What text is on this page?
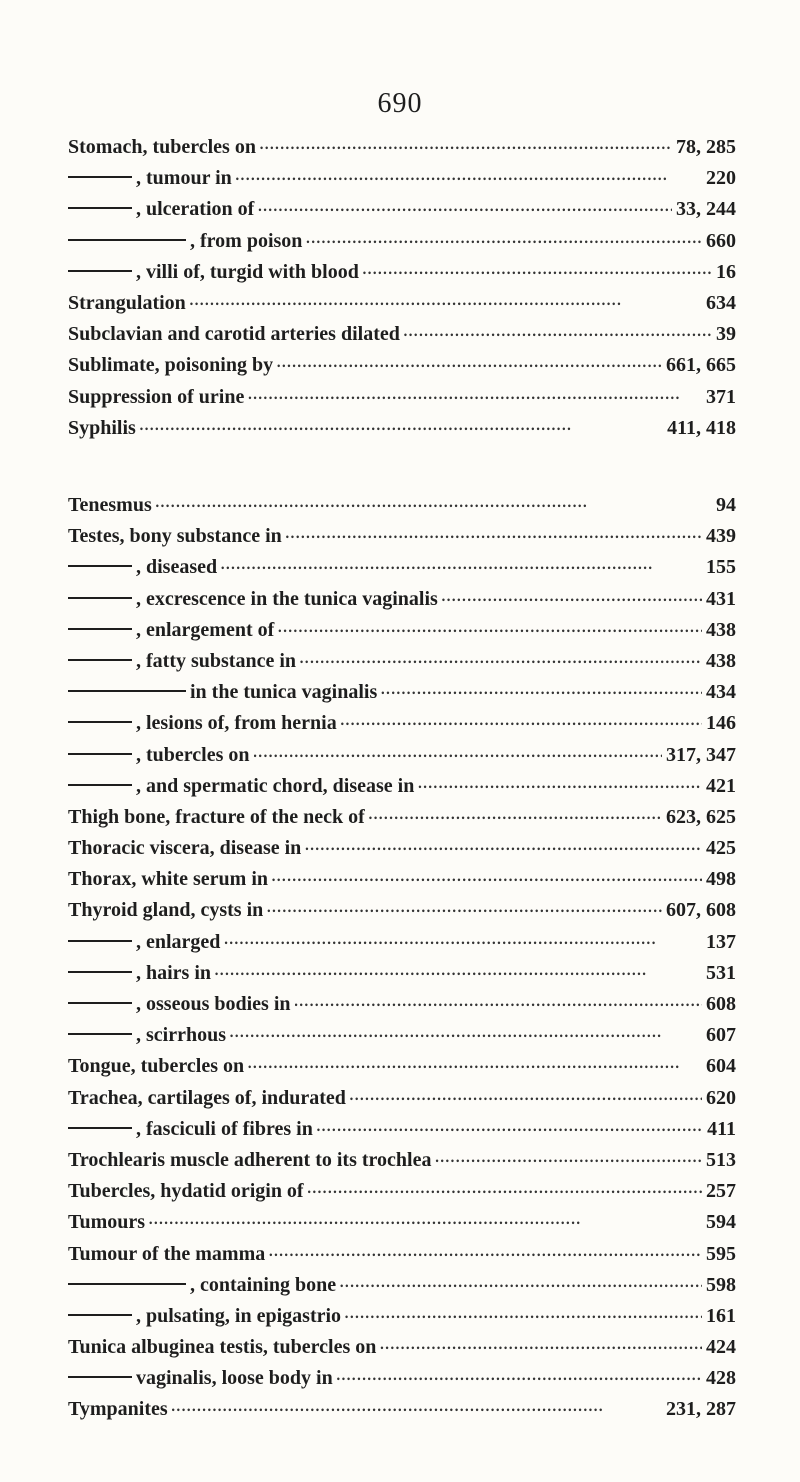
690
Stomach, tubercles on •••••	78, 285
, tumour in •••••	220
, ulceration of •••••	33, 244
, from poison •••••	660
, villi of, turgid with blood •••••	16
Strangulation •••••	634
Subclavian and carotid arteries dilated •••••	39
Sublimate, poisoning by •••••	661, 665
Suppression of urine •••••	371
Syphilis •••••	411, 418
Tenesmus •••••	94
Testes, bony substance in •••••	439
, diseased •••••	155
, excrescence in the tunica vaginalis •••••	431
, enlargement of •••••	438
, fatty substance in •••••	438
in the tunica vaginalis •••••	434
, lesions of, from hernia •••••	146
, tubercles on •••••	317, 347
, and spermatic chord, disease in •••••	421
Thigh bone, fracture of the neck of •••••	623, 625
Thoracic viscera, disease in •••••	425
Thorax, white serum in •••••	498
Thyroid gland, cysts in •••••	607, 608
, enlarged •••••	137
, hairs in •••••	531
, osseous bodies in •••••	608
, scirrhous •••••	607
Tongue, tubercles on •••••	604
Trachea, cartilages of, indurated •••••	620
, fasciculi of fibres in •••••	411
Trochlearis muscle adherent to its trochlea •••••	513
Tubercles, hydatid origin of •••••	257
Tumours •••••	594
Tumour of the mamma •••••	595
, containing bone •••••	598
, pulsating, in epigastrio •••••	161
Tunica albuginea testis, tubercles on •••••	424
vaginalis, loose body in •••••	428
Tympanites •••••	231, 287
